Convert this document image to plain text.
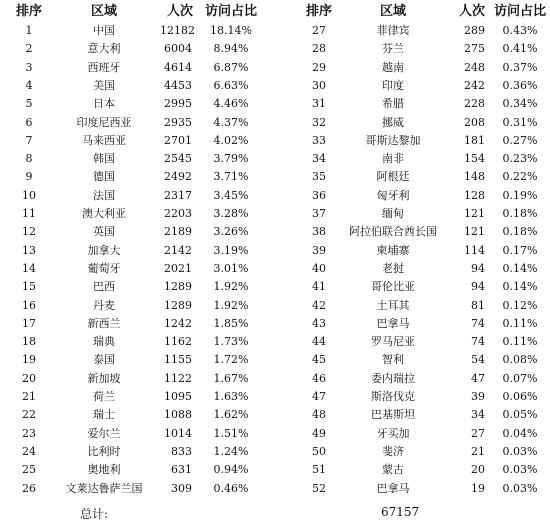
排序	区域	人次 访问占比	排序	区域	人次 访问占比
1	中国	12182	18.14%	27	菲律宾	289	0.43%
2	意大利	6004	8.94%	28	芬兰	275	0.41%
3	西班牙	4614	6.87%	29	越南	248	0.37%
4	美国	4453	6.63%	30	印度	242	0.36%
5	日本	2995	4.46%	31	希腊	228	0.34%
6	印度尼西亚	2935	4.37%	32	挪威	208	0.31%
7	马来西亚	2701	4.02%	33	哥斯达黎加	181	0.27%
8	韩国	2545	3.79%	34	南非	154	0.23%
9	德国	2492	3.71%	35	阿根廷	148	0.22%
10	法国	2317	3.45%	36	匈牙利	128	0.19%
11	澳大利亚	2203	3.28%	37	缅甸	121	0.18%
12	英国	2189	3.26%	38	阿拉伯联合酋长国	121	0.18%
13	加拿大	2142	3.19%	39	柬埔寨	114	0.17%
14	葡萄牙	2021	3.01%	40	老挝	94	0.14%
15	巴西	1289	1.92%	41	哥伦比亚	94	0.14%
16	丹麦	1289	1.92%	42	土耳其	81	0.12%
17	新西兰	1242	1.85%	43	巴拿马	74	0.11%
18	瑞典	1162	1.73%	44	罗马尼亚	74	0.11%
19	泰国	1155	1.72%	45	智利	54	0.08%
20	新加坡	1122	1.67%	46	委内瑞拉	47	0.07%
21	荷兰	1095	1.63%	47	斯洛伐克	39	0.06%
22	瑞士	1088	1.62%	48	巴基斯坦	34	0.05%
23	爱尔兰	1014	1.51%	49	牙买加	27	0.04%
24	比利时	833	1.24%	50	斐济	21	0.03%
25	奥地利	631	0.94%	51	蒙古	20	0.03%
26	文莱达鲁萨兰国	309	0.46%	52	巴拿马	19	0.03%
总计:	67157
